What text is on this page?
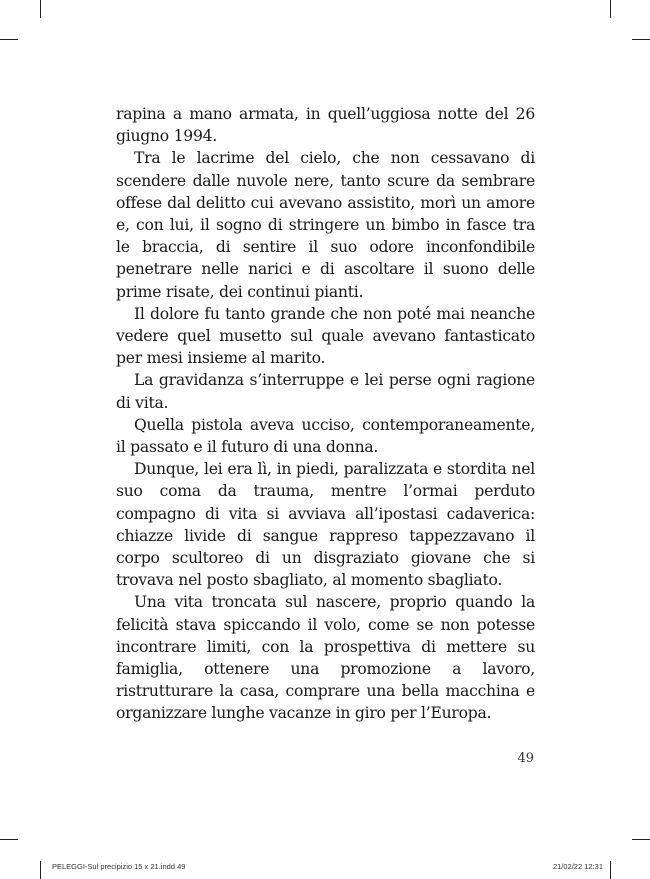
rapina a mano armata, in quell’uggiosa notte del 26 giugno 1994.

Tra le lacrime del cielo, che non cessavano di scendere dalle nuvole nere, tanto scure da sembrare offese dal delitto cui avevano assistito, morì un amore e, con lui, il sogno di stringere un bimbo in fasce tra le braccia, di sentire il suo odore inconfondibile penetrare nelle narici e di ascoltare il suono delle prime risate, dei continui pianti.

Il dolore fu tanto grande che non poté mai neanche vedere quel musetto sul quale avevano fantasticato per mesi insieme al marito.

La gravidanza s’interruppe e lei perse ogni ragione di vita.

Quella pistola aveva ucciso, contemporaneamente, il passato e il futuro di una donna.

Dunque, lei era lì, in piedi, paralizzata e stordita nel suo coma da trauma, mentre l’ormai perduto compagno di vita si avviava all’ipostasi cadaverica: chiazze livide di sangue rappreso tappezzavano il corpo scultoreo di un disgraziato giovane che si trovava nel posto sbagliato, al momento sbagliato.

Una vita troncata sul nascere, proprio quando la felicità stava spiccando il volo, come se non potesse incontrare limiti, con la prospettiva di mettere su famiglia, ottenere una promozione a lavoro, ristrutturare la casa, comprare una bella macchina e organizzare lunghe vacanze in giro per l’Europa.

49
PELEGGI-Sul precipizio 15 x 21.indd 49	21/02/22 12:31
